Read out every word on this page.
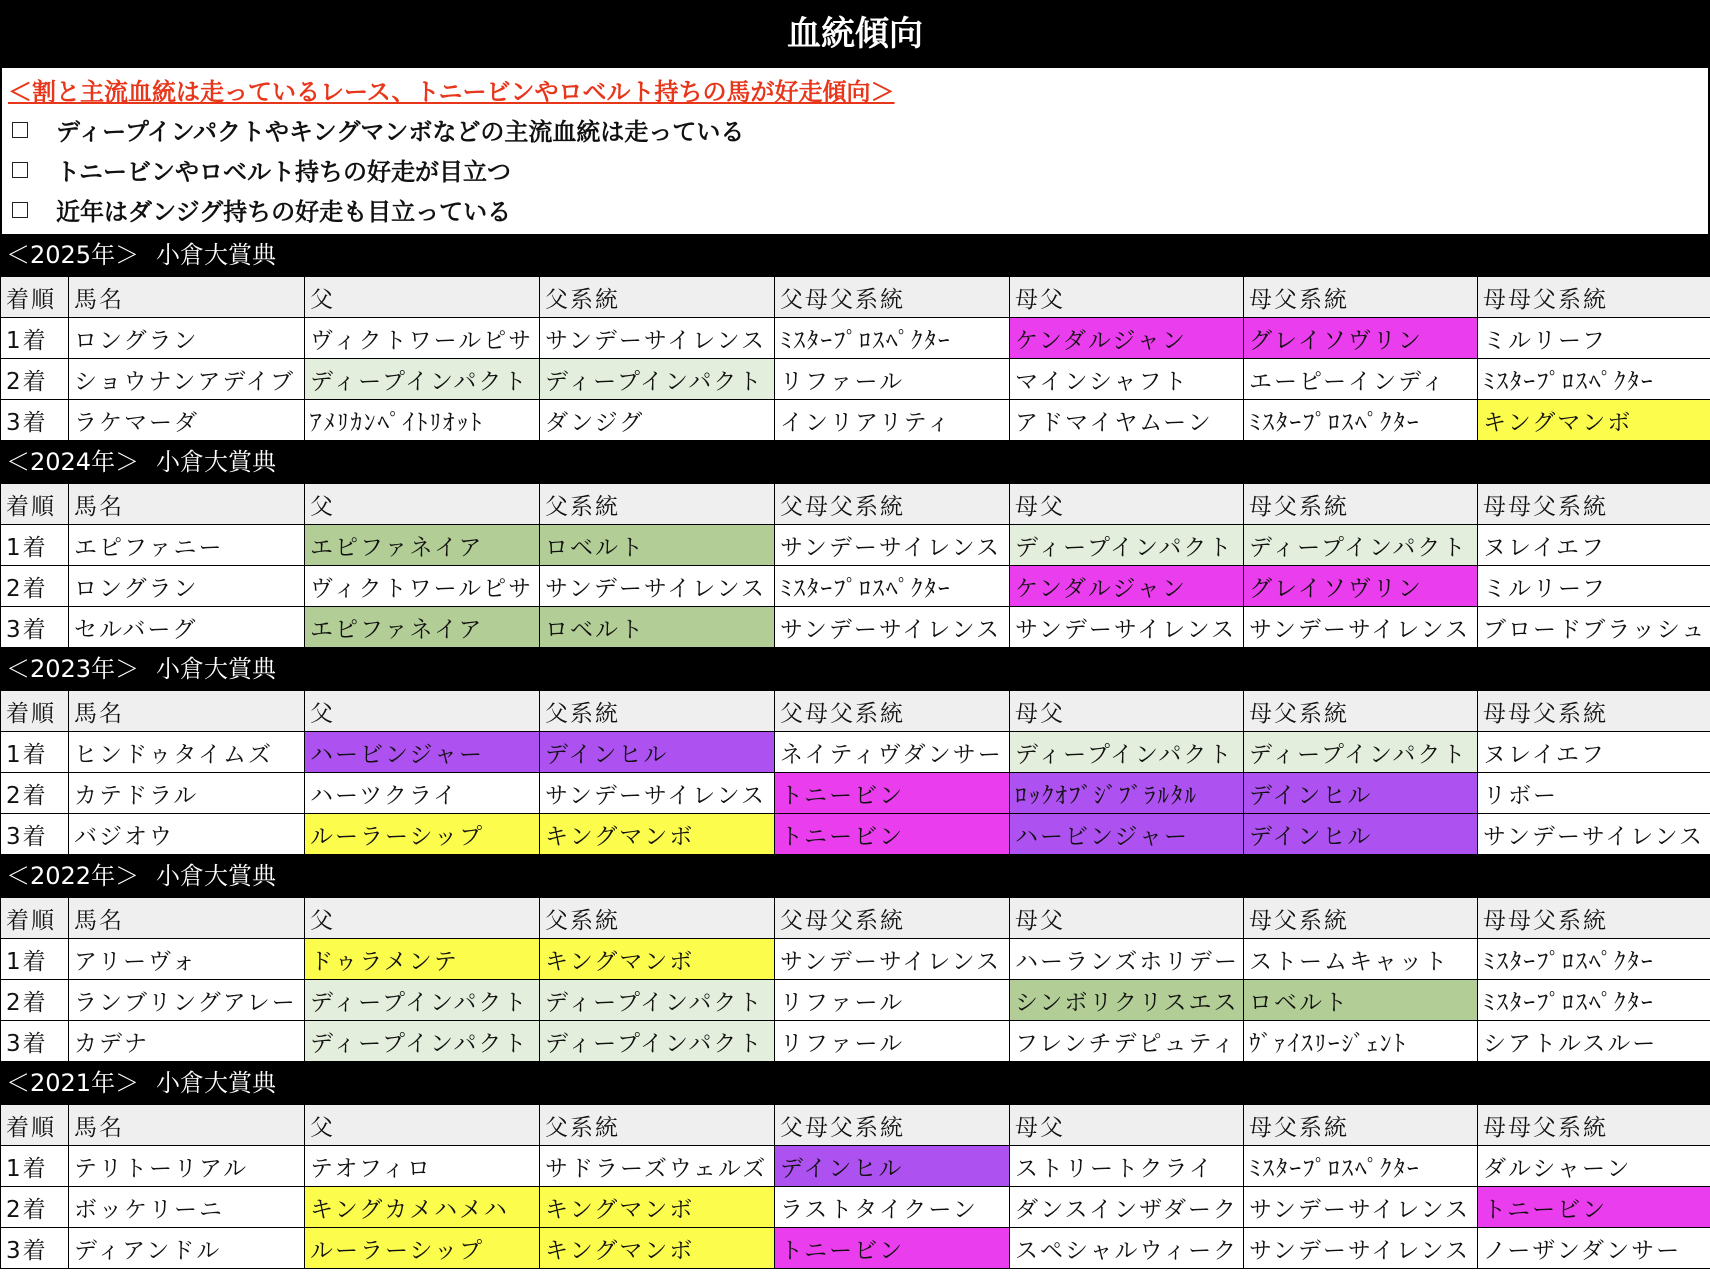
血統傾向
＜割と主流血統は走っているレース、トニービンやロベルト持ちの馬が好走傾向＞
ディープインパクトやキングマンボなどの主流血統は走っている
トニービンやロベルト持ちの好走が目立つ
近年はダンジグ持ちの好走も目立っている
＜2025年＞ 小倉大賞典
着順	馬名	父	父系統	父母父系統	母父	母父系統	母母父系統
1着	ロングラン	ヴィクトワールピサ	サンデーサイレンス	ﾐｽﾀｰﾌﾟﾛｽﾍﾟｸﾀｰ	ケンダルジャン	グレイソヴリン	ミルリーフ
2着	ショウナンアデイブ	ディープインパクト	ディープインパクト	リファール	マインシャフト	エーピーインディ	ﾐｽﾀｰﾌﾟﾛｽﾍﾟｸﾀｰ
3着	ラケマーダ	ｱﾒﾘｶﾝﾍﾟｲﾄﾘｵｯﾄ	ダンジグ	インリアリティ	アドマイヤムーン	ﾐｽﾀｰﾌﾟﾛｽﾍﾟｸﾀｰ	キングマンボ
＜2024年＞ 小倉大賞典
着順	馬名	父	父系統	父母父系統	母父	母父系統	母母父系統
1着	エピファニー	エピファネイア	ロベルト	サンデーサイレンス	ディープインパクト	ディープインパクト	ヌレイエフ
2着	ロングラン	ヴィクトワールピサ	サンデーサイレンス	ﾐｽﾀｰﾌﾟﾛｽﾍﾟｸﾀｰ	ケンダルジャン	グレイソヴリン	ミルリーフ
3着	セルバーグ	エピファネイア	ロベルト	サンデーサイレンス	サンデーサイレンス	サンデーサイレンス	ブロードブラッシュ
＜2023年＞ 小倉大賞典
着順	馬名	父	父系統	父母父系統	母父	母父系統	母母父系統
1着	ヒンドゥタイムズ	ハービンジャー	デインヒル	ネイティヴダンサー	ディープインパクト	ディープインパクト	ヌレイエフ
2着	カテドラル	ハーツクライ	サンデーサイレンス	トニービン	ﾛｯｸｵﾌﾞｼﾞﾌﾞﾗﾙﾀﾙ	デインヒル	リボー
3着	バジオウ	ルーラーシップ	キングマンボ	トニービン	ハービンジャー	デインヒル	サンデーサイレンス
＜2022年＞ 小倉大賞典
着順	馬名	父	父系統	父母父系統	母父	母父系統	母母父系統
1着	アリーヴォ	ドゥラメンテ	キングマンボ	サンデーサイレンス	ハーランズホリデー	ストームキャット	ﾐｽﾀｰﾌﾟﾛｽﾍﾟｸﾀｰ
2着	ランブリングアレー	ディープインパクト	ディープインパクト	リファール	シンボリクリスエス	ロベルト	ﾐｽﾀｰﾌﾟﾛｽﾍﾟｸﾀｰ
3着	カデナ	ディープインパクト	ディープインパクト	リファール	フレンチデピュティ	ｳﾞｧｲｽﾘｰｼﾞｪﾝﾄ	シアトルスルー
＜2021年＞ 小倉大賞典
着順	馬名	父	父系統	父母父系統	母父	母父系統	母母父系統
1着	テリトーリアル	テオフィロ	サドラーズウェルズ	デインヒル	ストリートクライ	ﾐｽﾀｰﾌﾟﾛｽﾍﾟｸﾀｰ	ダルシャーン
2着	ボッケリーニ	キングカメハメハ	キングマンボ	ラストタイクーン	ダンスインザダーク	サンデーサイレンス	トニービン
3着	ディアンドル	ルーラーシップ	キングマンボ	トニービン	スペシャルウィーク	サンデーサイレンス	ノーザンダンサー
